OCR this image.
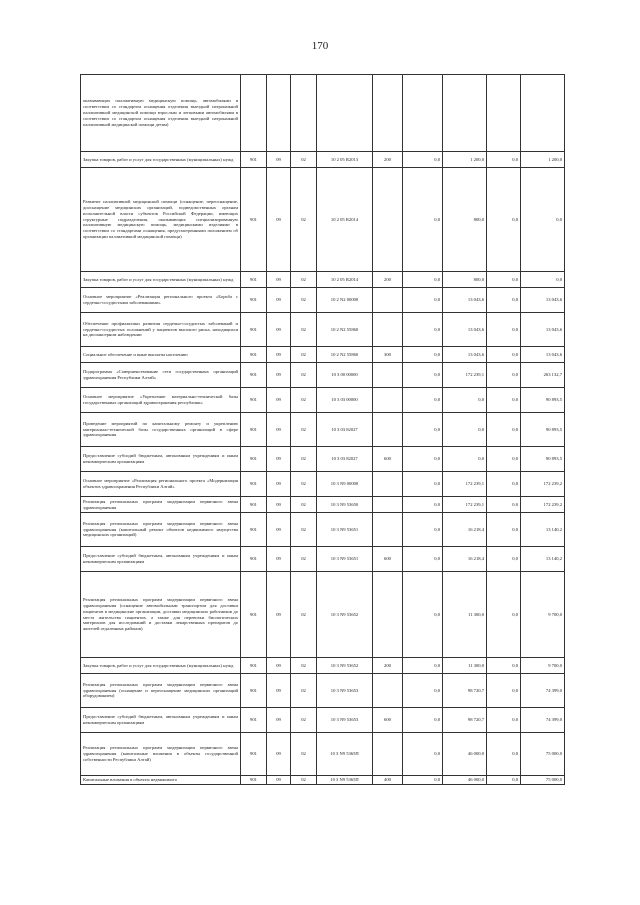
170
оказывающих паллиативную медицинскую помощь, автомобилями в соответствии со стандартом оснащения отделения выездной патронажной паллиативной медицинской помощи взрослым и легковыми автомобилями в соответствии со стандартом оснащения отделения выездной патронажной паллиативной медицинской помощи детям)									
Закупка товаров, работ и услуг для государственных (муниципальных) нужд	901	09	02	10 2 05 R2013	200	0,0	1 200,0	0,0	1 200,0
Развитие паллиативной медицинской помощи (оснащение, переоснащение, дооснащение медицинских организаций, подведомственных органам исполнительной власти субъектов Российской Федерации, имеющих структурные подразделения, оказывающих специализированную паллиативную медицинскую помощь, медицинскими изделиями в соответствии со стандартами оснащения, предусмотренными положением об организации паллиативной медицинской помощи)	901	09	02	10 2 05 R2014		0,0	800,0	0,0	0,0
Закупка товаров, работ и услуг для государственных (муниципальных) нужд	901	09	02	10 2 05 R2014	200	0,0	800,0	0,0	0,0
Основное мероприятие «Реализация регионального проекта «Борьба с сердечно-сосудистыми заболеваниями»	901	09	02	10 2 N2 00000		0,0	13 043,6	0,0	13 043,6
Обеспечение профилактики развития сердечно-сосудистых заболеваний и сердечно-сосудистых осложнений у пациентов высокого риска, находящихся на диспансерном наблюдении	901	09	02	10 2 N2 55860		0,0	13 043,6	0,0	13 043,6
Социальное обеспечение и иные выплаты населению	901	09	02	10 2 N2 55860	300	0,0	13 043,6	0,0	13 043,6
Подпрограмма «Совершенствование сети государственных организаций здравоохранения Республики Алтай»	901	09	02	10 3 00 00000		0,0	172 239,1	0,0	263 132,7
Основное мероприятие «Укрепление материально-технической базы государственных организаций здравоохранения республики»	901	09	02	10 3 03 00000		0,0	0,0	0,0	90 893,5
Проведение мероприятий по капитальному ремонту и укреплению материально-технической базы государственных организаций в сфере здравоохранения	901	09	02	10 3 03 82027		0,0	0,0	0,0	90 893,5
Предоставление субсидий бюджетным, автономным учреждениям и иным некоммерческим организациям	901	09	02	10 3 03 82027	600	0,0	0,0	0,0	90 893,5
Основное мероприятие «Реализация регионального проекта «Модернизация объектов здравоохранения Республики Алтай»	901	09	02	10 3 N9 00000		0,0	172 239,1	0,0	172 239,2
Реализация региональных программ модернизации первичного звена здравоохранения	901	09	02	10 3 N9 53650		0,0	172 239,1	0,0	172 239,2
Реализация региональных программ модернизации первичного звена здравоохранения (капитальный ремонт объектов недвижимого имущества медицинских организаций)	901	09	02	10 3 N9 53651		0,0	16 218,4	0,0	13 140,2
Предоставление субсидий бюджетным, автономным учреждениям и иным некоммерческим организациям	901	09	02	10 3 N9 53651	600	0,0	16 218,4	0,0	13 140,2
Реализация региональных программ модернизации первичного звена здравоохранения (оснащение автомобильным транспортом для доставки пациентов в медицинские организации, доставки медицинских работников до места жительства пациентов, а также для перевозки биологических материалов для исследований и доставки лекарственных препаратов до жителей отдаленных районов)	901	09	02	10 3 N9 53652		0,0	11 300,0	0,0	9 700,0
Закупка товаров, работ и услуг для государственных (муниципальных) нужд	901	09	02	10 3 N9 53652	200	0,0	11 300,0	0,0	9 700,0
Реализация региональных программ модернизации первичного звена здравоохранения (оснащение и переоснащение медицинских организаций оборудованием)	901	09	02	10 3 N9 53653		0,0	98 720,7	0,0	74 399,0
Предоставление субсидий бюджетным, автономным учреждениям и иным некоммерческим организациям	901	09	02	10 3 N9 53653	600	0,0	98 720,7	0,0	74 399,0
Реализация региональных программ модернизации первичного звена здравоохранения (капитальные вложения в объекты государственной собственности Республики Алтай)	901	09	02	10 3 N9 5365П		0,0	46 000,0	0,0	75 000,0
Капитальные вложения в объекты недвижимого	901	09	02	10 3 N9 5365П	400	0,0	46 000,0	0,0	75 000,0
